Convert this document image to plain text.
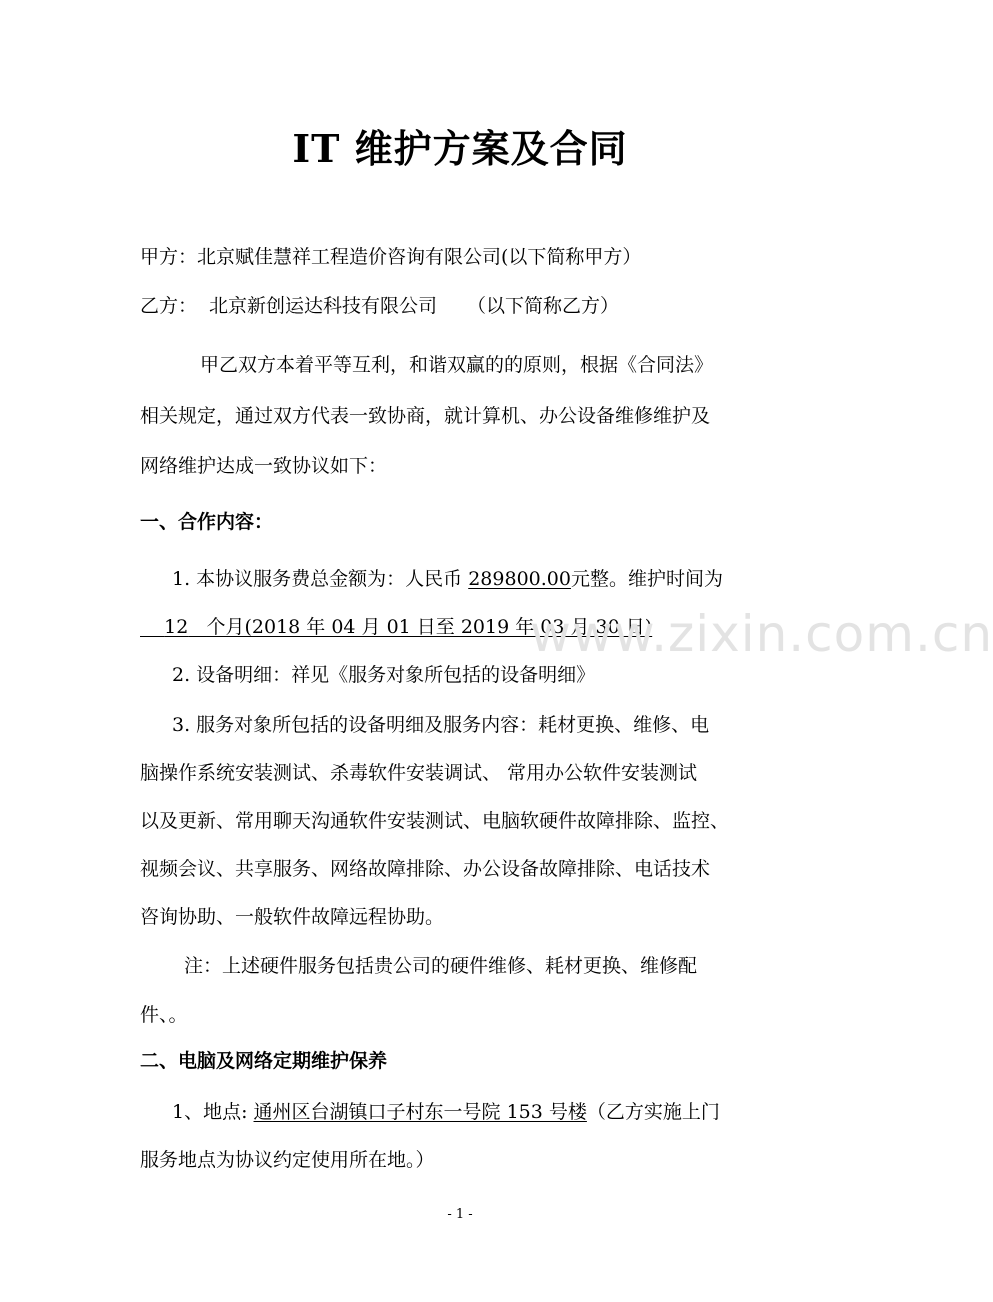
IT 维护方案及合同
甲方：北京赋佳慧祥工程造价咨询有限公司(以下简称甲方）
乙方： 北京新创运达科技有限公司 （以下简称乙方）
甲乙双方本着平等互利，和谐双赢的的原则，根据《合同法》
相关规定，通过双方代表一致协商，就计算机、办公设备维修维护及
网络维护达成一致协议如下：
一、合作内容：
1. 本协议服务费总金额为：人民币 289800.00元整。维护时间为
12 个月(2018 年 04 月 01 日至 2019 年 03 月 30 日)
2. 设备明细：祥见《服务对象所包括的设备明细》
3. 服务对象所包括的设备明细及服务内容：耗材更换、维修、电
脑操作系统安装测试、杀毒软件安装调试、 常用办公软件安装测试
以及更新、常用聊天沟通软件安装测试、电脑软硬件故障排除、监控、
视频会议、共享服务、网络故障排除、办公设备故障排除、电话技术
咨询协助、一般软件故障远程协助。
注：上述硬件服务包括贵公司的硬件维修、耗材更换、维修配
件、。
二、电脑及网络定期维护保养
1、地点: 通州区台湖镇口子村东一号院 153 号楼（乙方实施上门
服务地点为协议约定使用所在地。）
www.zixin.com.cn
- 1 -
